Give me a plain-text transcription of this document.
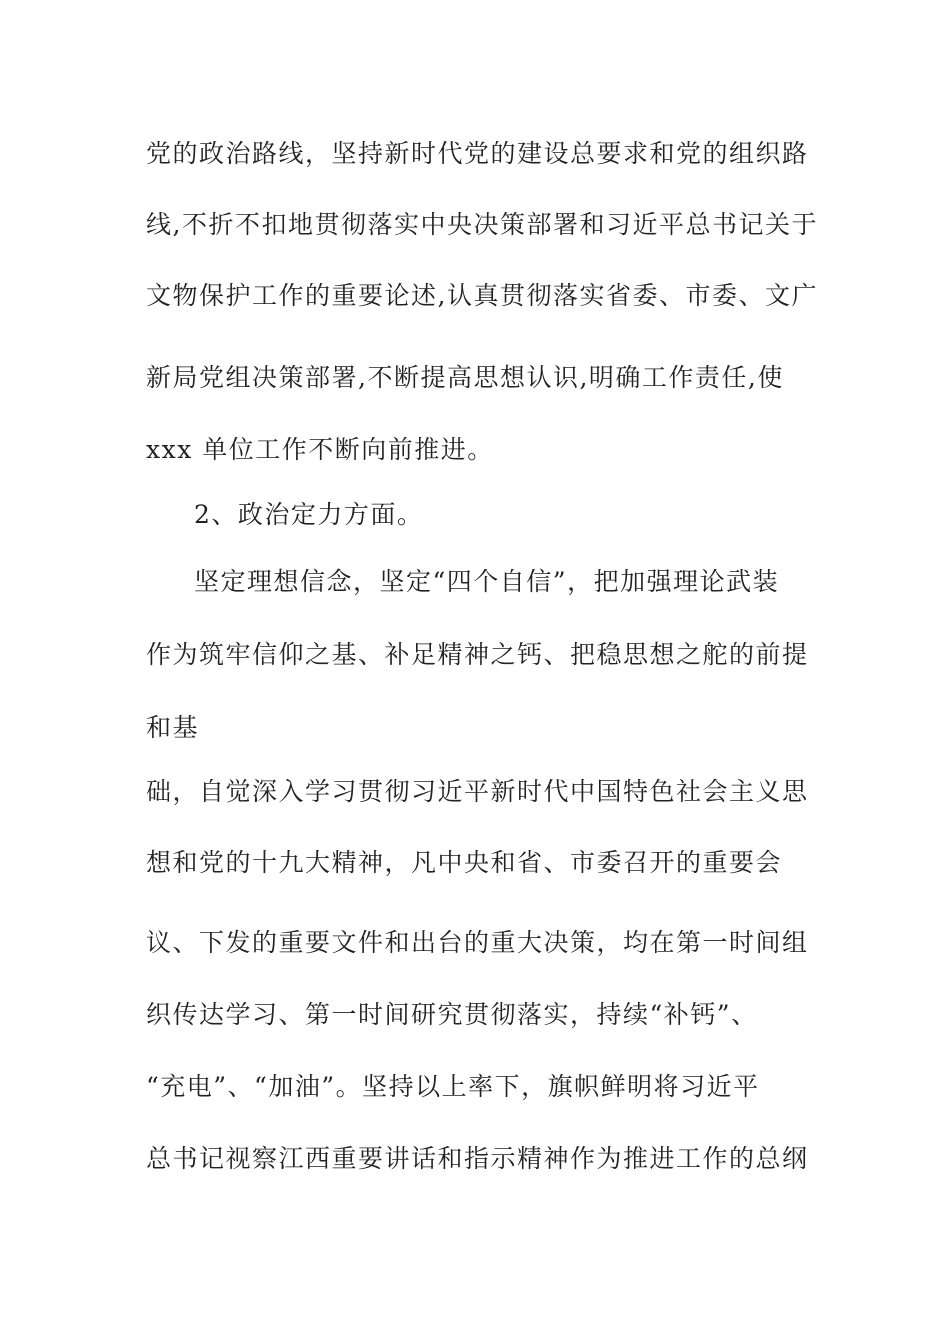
党的政治路线，坚持新时代党的建设总要求和党的组织路

线,不折不扣地贯彻落实中央决策部署和习近平总书记关于

文物保护工作的重要论述,认真贯彻落实省委、市委、文广

新局党组决策部署,不断提高思想认识,明确工作责任,使

xxx 单位工作不断向前推进。

2、政治定力方面。

坚定理想信念，坚定“四个自信”，把加强理论武装

作为筑牢信仰之基、补足精神之钙、把稳思想之舵的前提

和基

础，自觉深入学习贯彻习近平新时代中国特色社会主义思

想和党的十九大精神，凡中央和省、市委召开的重要会

议、下发的重要文件和出台的重大决策，均在第一时间组

织传达学习、第一时间研究贯彻落实，持续“补钙”、

“充电”、“加油”。坚持以上率下，旗帜鲜明将习近平

总书记视察江西重要讲话和指示精神作为推进工作的总纲
